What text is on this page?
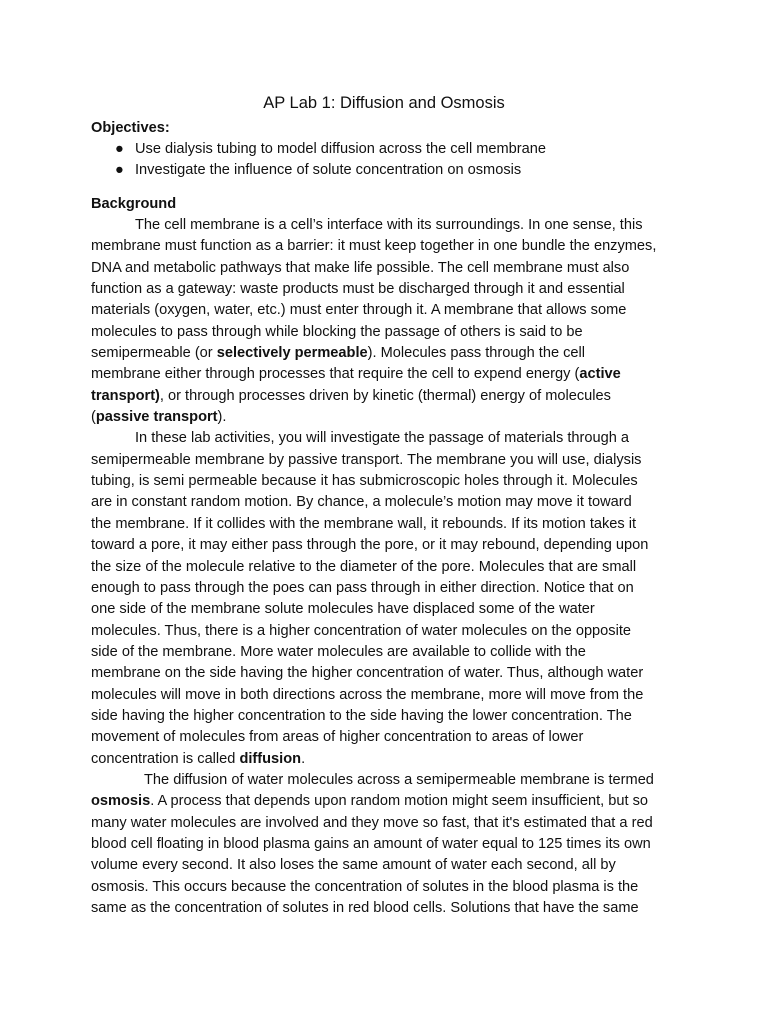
AP Lab 1: Diffusion and Osmosis
Objectives:
● Use dialysis tubing to model diffusion across the cell membrane
● Investigate the influence of solute concentration on osmosis
Background
The cell membrane is a cell’s interface with its surroundings. In one sense, this
membrane must function as a barrier: it must keep together in one bundle the enzymes,
DNA and metabolic pathways that make life possible. The cell membrane must also
function as a gateway: waste products must be discharged through it and essential
materials (oxygen, water, etc.) must enter through it. A membrane that allows some
molecules to pass through while blocking the passage of others is said to be
semipermeable (or selectively permeable). Molecules pass through the cell
membrane either through processes that require the cell to expend energy (active
transport), or through processes driven by kinetic (thermal) energy of molecules
(passive transport).
In these lab activities, you will investigate the passage of materials through a
semipermeable membrane by passive transport. The membrane you will use, dialysis
tubing, is semi permeable because it has submicroscopic holes through it. Molecules
are in constant random motion. By chance, a molecule’s motion may move it toward
the membrane. If it collides with the membrane wall, it rebounds. If its motion takes it
toward a pore, it may either pass through the pore, or it may rebound, depending upon
the size of the molecule relative to the diameter of the pore. Molecules that are small
enough to pass through the poes can pass through in either direction. Notice that on
one side of the membrane solute molecules have displaced some of the water
molecules. Thus, there is a higher concentration of water molecules on the opposite
side of the membrane. More water molecules are available to collide with the
membrane on the side having the higher concentration of water. Thus, although water
molecules will move in both directions across the membrane, more will move from the
side having the higher concentration to the side having the lower concentration. The
movement of molecules from areas of higher concentration to areas of lower
concentration is called diffusion.
The diffusion of water molecules across a semipermeable membrane is termed
osmosis. A process that depends upon random motion might seem insufficient, but so
many water molecules are involved and they move so fast, that it's estimated that a red
blood cell floating in blood plasma gains an amount of water equal to 125 times its own
volume every second. It also loses the same amount of water each second, all by
osmosis. This occurs because the concentration of solutes in the blood plasma is the
same as the concentration of solutes in red blood cells. Solutions that have the same
